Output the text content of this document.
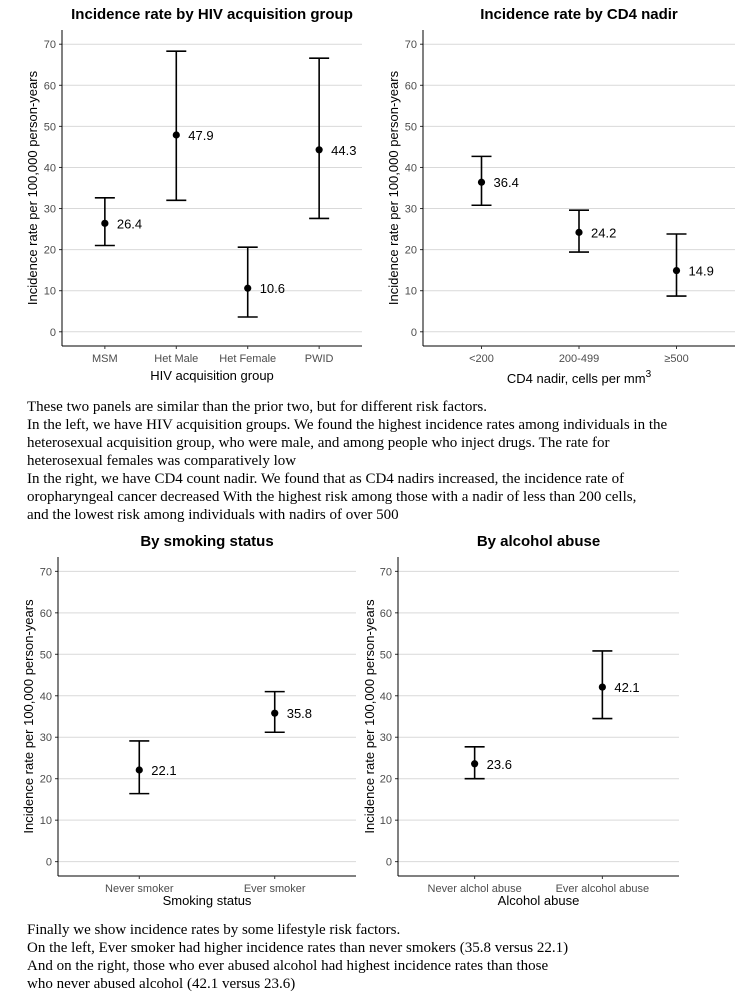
Incidence rate by HIV acquisition group
0
10
20
30
40
50
60
70
MSM	Het Male Het Female	PWID
26.4
47.9
10.6
44.3
HIV acquisition group
Incidence rate per 100,000 person-years
Incidence rate by CD4 nadir
0
10
20
30
40
50
60
70
<200	200-499	≥500
36.4
24.2
14.9
CD4 nadir, cells per $mm^3$
Incidence rate per 100,000 person-years

These two panels are similar than the prior two, but for different risk factors.

In the left, we have HIV acquisition groups. We found the highest incidence rates among individuals in the

heterosexual acquisition group, who were male, and among people who inject drugs. The rate for

heterosexual females was comparatively low

In the right, we have CD4 count nadir. We found that as CD4 nadirs increased, the incidence rate of

oropharyngeal cancer decreased With the highest risk among those with a nadir of less than 200 cells,

and the lowest risk among individuals with nadirs of over 500

By smoking status
0
10
20
30
40
50
60
70
Never smoker	Ever smoker
22.1
35.8
Smoking status
Incidence rate per 100,000 person-years
By alcohol abuse
0
10
20
30
40
50
60
70
Never alchol abuse	Ever alcohol abuse
23.6
42.1
Alcohol abuse
Incidence rate per 100,000 person-years

Finally we show incidence rates by some lifestyle risk factors.

On the left, Ever smoker had higher incidence rates than never smokers (35.8 versus 22.1)

And on the right, those who ever abused alcohol had highest incidence rates than those

who never abused alcohol (42.1 versus 23.6)
